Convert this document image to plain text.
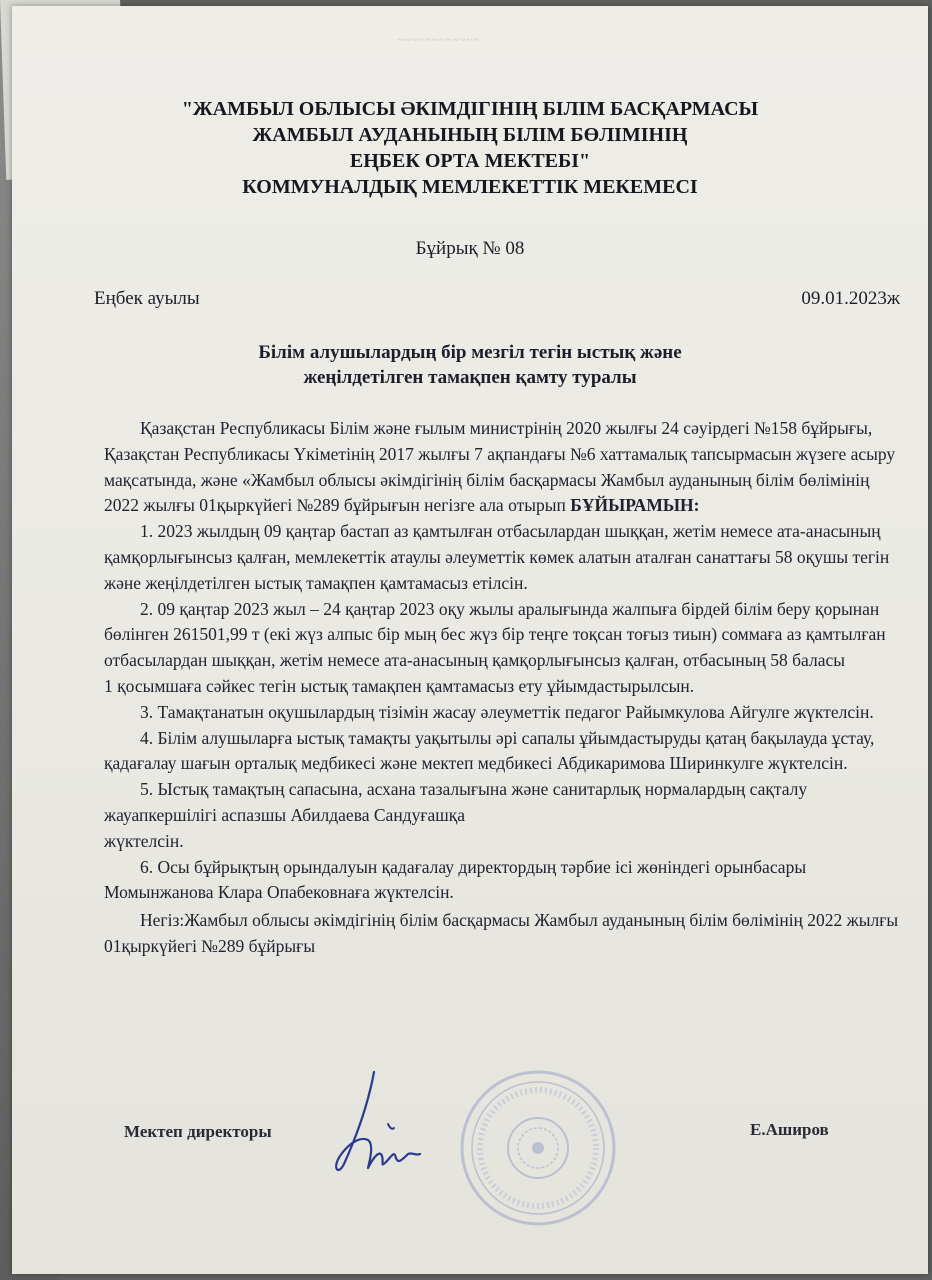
~~~~~~~~~~~~
"ЖАМБЫЛ ОБЛЫСЫ ӘКІМДІГІНІҢ БІЛІМ БАСҚАРМАСЫ
ЖАМБЫЛ АУДАНЫНЫҢ БІЛІМ БӨЛІМІНІҢ
ЕҢБЕК ОРТА МЕКТЕБІ"
КОММУНАЛДЫҚ МЕМЛЕКЕТТІК МЕКЕМЕСІ
Бұйрық № 08
Еңбек ауылы	09.01.2023ж
Білім алушылардың бір мезгіл тегін ыстық және
жеңілдетілген тамақпен қамту туралы

Қазақстан Республикасы Білім және ғылым министрінің 2020 жылғы 24 сәуірдегі №158 бұйрығы, Қазақстан Республикасы Үкіметінің 2017 жылғы 7 ақпандағы №6 хаттамалық тапсырмасын жүзеге асыру мақсатында, және «Жамбыл облысы әкімдігінің білім басқармасы Жамбыл ауданының білім бөлімінің 2022 жылғы 01қыркүйегі №289 бұйрығын негізге ала отырып БҰЙЫРАМЫН:

1. 2023 жылдың 09 қаңтар бастап аз қамтылған отбасылардан шыққан, жетім немесе ата-анасының қамқорлығынсыз қалған, мемлекеттік атаулы әлеуметтік көмек алатын аталған санаттағы 58 оқушы тегін және жеңілдетілген ыстық тамақпен қамтамасыз етілсін.

2. 09 қаңтар 2023 жыл – 24 қаңтар 2023 оқу жылы аралығында жалпыға бірдей білім беру қорынан бөлінген 261501,99 т (екі жүз алпыс бір мың бес жүз бір теңге тоқсан тоғыз тиын) соммаға аз қамтылған отбасылардан шыққан, жетім немесе ата-анасының қамқорлығынсыз қалған, отбасының 58 баласы

1 қосымшаға сәйкес тегін ыстық тамақпен қамтамасыз ету ұйымдастырылсын.

3. Тамақтанатын оқушылардың тізімін жасау әлеуметтік педагог Райымкулова Айгулге жүктелсін.

4. Білім алушыларға ыстық тамақты уақытылы әрі сапалы ұйымдастыруды қатаң бақылауда ұстау, қадағалау шағын орталық медбикесі және мектеп медбикесі Абдикаримова Ширинкулге жүктелсін.

5. Ыстық тамақтың сапасына, асхана тазалығына және санитарлық нормалардың сақталу жауапкершілігі аспазшы Абилдаева Сандуғашқа

жүктелсін.

6. Осы бұйрықтың орындалуын қадағалау директордың тәрбие ісі жөніндегі орынбасары Момынжанова Клара Опабековнаға жүктелсін.

Негіз:Жамбыл облысы әкімдігінің білім басқармасы Жамбыл ауданының білім бөлімінің 2022 жылғы 01қыркүйегі №289 бұйрығы

Мектеп директоры	Е.Аширов
